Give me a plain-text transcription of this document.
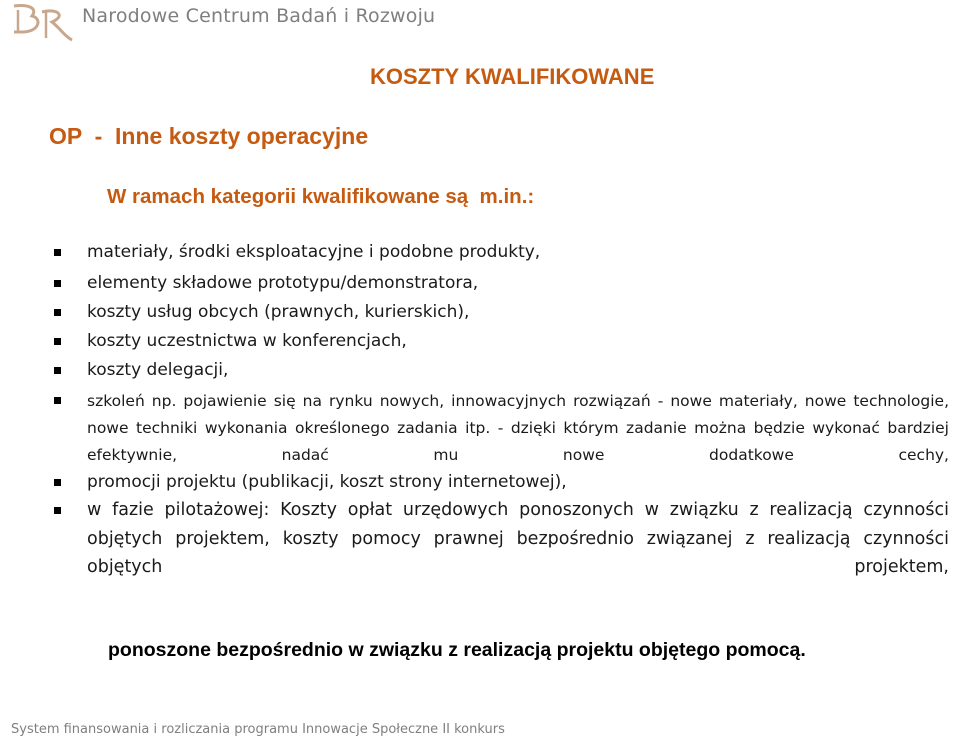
Narodowe Centrum Badań i Rozwoju
KOSZTY KWALIFIKOWANE
OP  -  Inne koszty operacyjne
W ramach kategorii kwalifikowane są  m.in.:
materiały, środki eksploatacyjne i podobne produkty,
elementy składowe prototypu/demonstratora,
koszty usług obcych (prawnych, kurierskich),
koszty uczestnictwa w konferencjach,
koszty delegacji,
szkoleń np. pojawienie się na rynku nowych, innowacyjnych rozwiązań - nowe materiały, nowe technologie, nowe techniki wykonania określonego zadania itp. - dzięki którym zadanie można będzie wykonać bardziej efektywnie, nadać mu nowe dodatkowe cechy,
promocji projektu (publikacji, koszt strony internetowej),
w fazie pilotażowej: Koszty opłat urzędowych ponoszonych w związku z realizacją czynności objętych projektem, koszty pomocy prawnej bezpośrednio związanej z realizacją czynności objętych projektem,
ponoszone bezpośrednio w związku z realizacją projektu objętego pomocą.
System finansowania i rozliczania programu Innowacje Społeczne II konkurs
